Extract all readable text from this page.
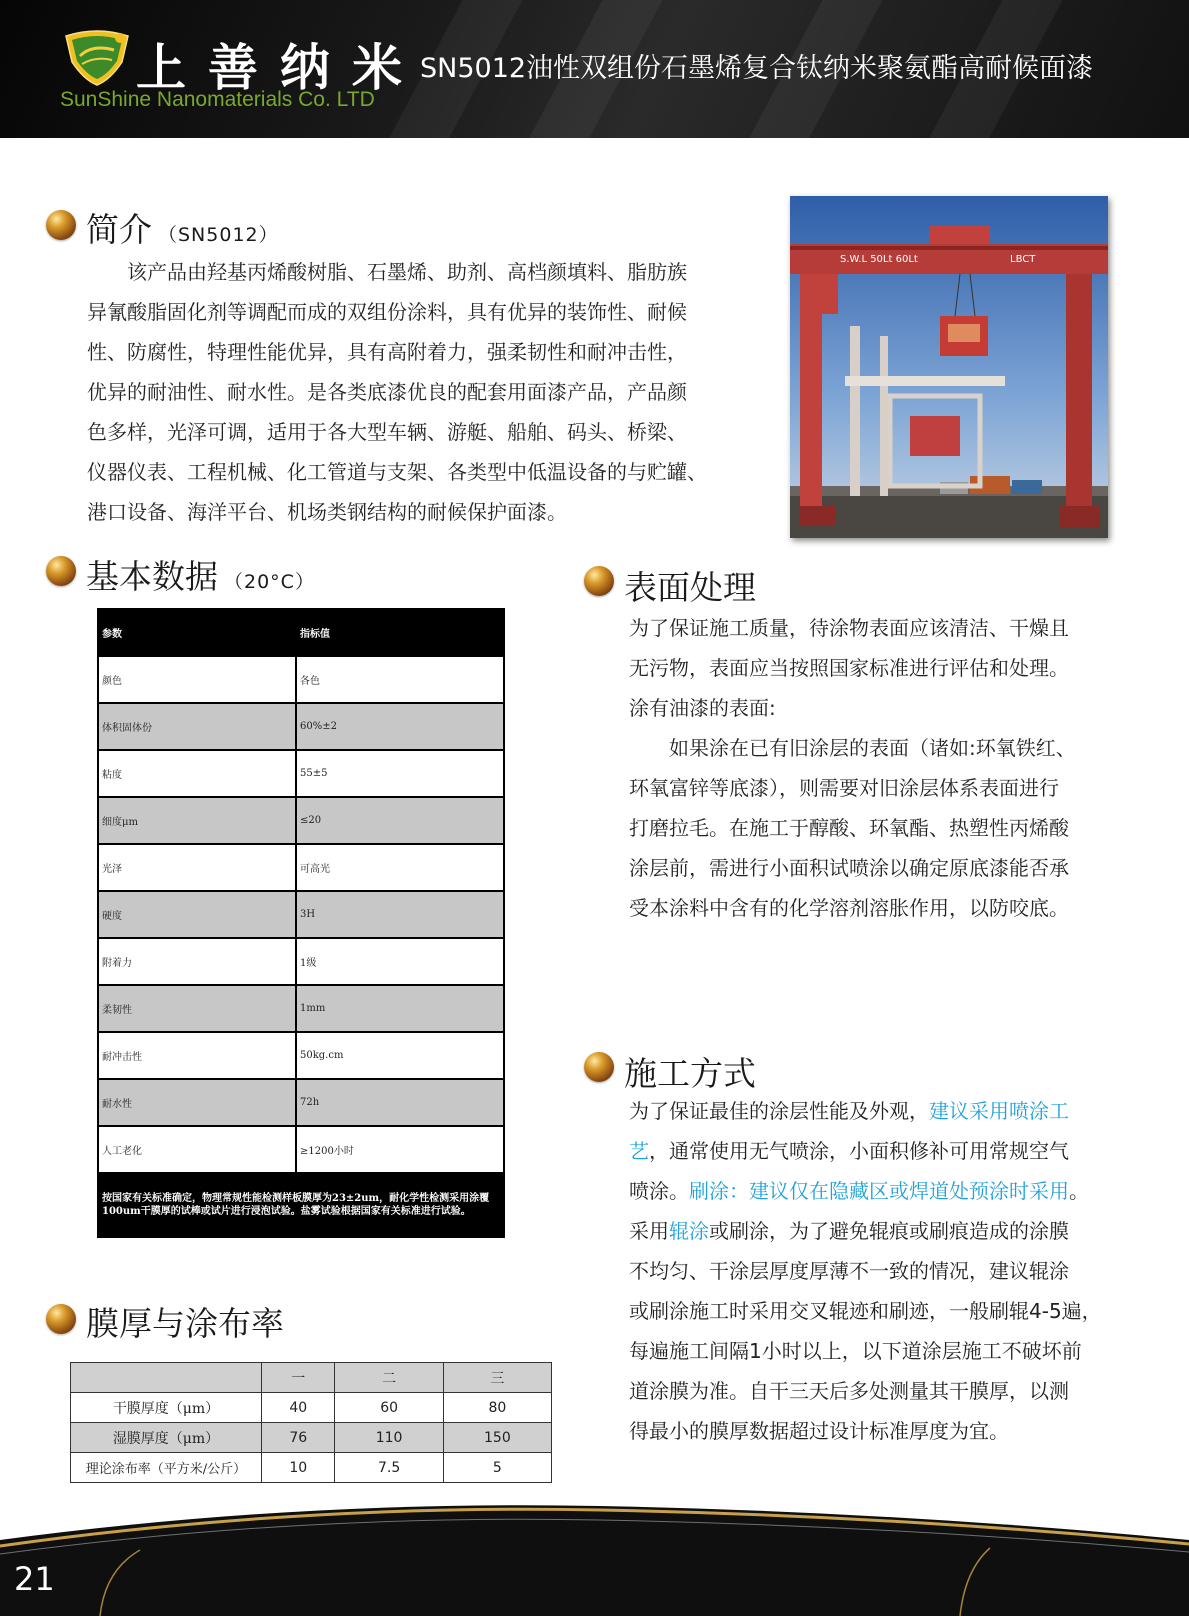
上善纳米
SunShine Nanomaterials Co. LTD
SN5012油性双组份石墨烯复合钛纳米聚氨酯高耐候面漆
简介 （SN5012）

　　该产品由羟基丙烯酸树脂、石墨烯、助剂、高档颜填料、脂肪族

异氰酸脂固化剂等调配而成的双组份涂料，具有优异的装饰性、耐候

性、防腐性，特理性能优异，具有高附着力，强柔韧性和耐冲击性，

优异的耐油性、耐水性。是各类底漆优良的配套用面漆产品，产品颜

色多样，光泽可调，适用于各大型车辆、游艇、船舶、码头、桥梁、

仪器仪表、工程机械、化工管道与支架、各类型中低温设备的与贮罐、

港口设备、海洋平台、机场类钢结构的耐候保护面漆。

S.W.L 50Lt 60Lt	LBCT
基本数据 （20°C）
参数	指标值
颜色	各色
体积固体份	60%±2
粘度	55±5
细度μm	≤20
光泽	可高光
硬度	3H
附着力	1级
柔韧性	1mm
耐冲击性	50kg.cm
耐水性	72h
人工老化	≥1200小时
按国家有关标准确定，物理常规性能检测样板膜厚为23±2um，耐化学性检测采用涂覆100um干膜厚的试棒或试片进行浸泡试验。盐雾试验根据国家有关标准进行试验。	
膜厚与涂布率
	一	二	三
干膜厚度（μm）	40	60	80
湿膜厚度（μm）	76	110	150
理论涂布率（平方米/公斤）	10	7.5	5
表面处理

为了保证施工质量，待涂物表面应该清洁、干燥且

无污物，表面应当按照国家标准进行评估和处理。

涂有油漆的表面:

　　如果涂在已有旧涂层的表面（诸如:环氧铁红、

环氧富锌等底漆），则需要对旧涂层体系表面进行

打磨拉毛。在施工于醇酸、环氧酯、热塑性丙烯酸

涂层前，需进行小面积试喷涂以确定原底漆能否承

受本涂料中含有的化学溶剂溶胀作用，以防咬底。

施工方式

为了保证最佳的涂层性能及外观，建议采用喷涂工

艺，通常使用无气喷涂，小面积修补可用常规空气

喷涂。刷涂：建议仅在隐藏区或焊道处预涂时采用。

采用辊涂或刷涂，为了避免辊痕或刷痕造成的涂膜

不均匀、干涂层厚度厚薄不一致的情况，建议辊涂

或刷涂施工时采用交叉辊迹和刷迹，一般刷辊4-5遍，

每遍施工间隔1小时以上，以下道涂层施工不破坏前

道涂膜为准。自干三天后多处测量其干膜厚，以测

得最小的膜厚数据超过设计标准厚度为宜。

21
